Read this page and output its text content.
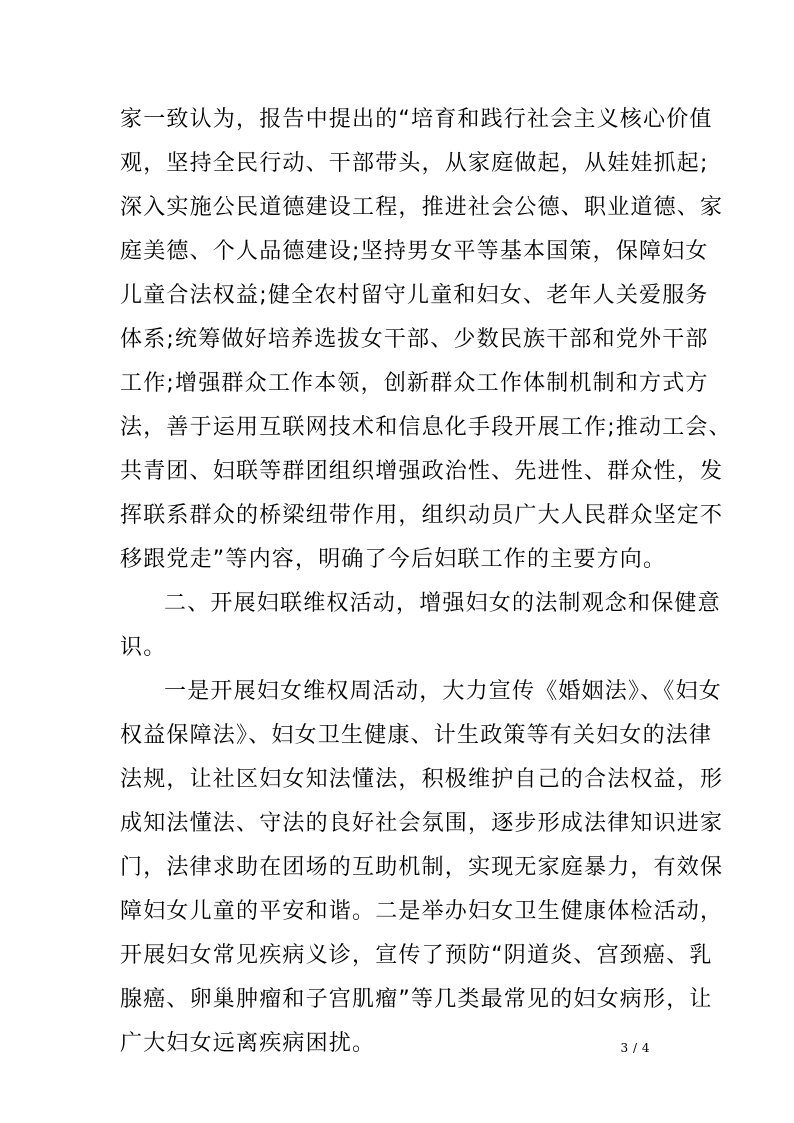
家一致认为，报告中提出的“培育和践行社会主义核心价值
观，坚持全民行动、干部带头，从家庭做起，从娃娃抓起;
深入实施公民道德建设工程，推进社会公德、职业道德、家
庭美德、个人品德建设;坚持男女平等基本国策，保障妇女
儿童合法权益;健全农村留守儿童和妇女、老年人关爱服务
体系;统筹做好培养选拔女干部、少数民族干部和党外干部
工作;增强群众工作本领，创新群众工作体制机制和方式方
法，善于运用互联网技术和信息化手段开展工作;推动工会、
共青团、妇联等群团组织增强政治性、先进性、群众性，发
挥联系群众的桥梁纽带作用，组织动员广大人民群众坚定不
移跟党走”等内容，明确了今后妇联工作的主要方向。
二、开展妇联维权活动，增强妇女的法制观念和保健意
识。
一是开展妇女维权周活动，大力宣传《婚姻法》、《妇女
权益保障法》、妇女卫生健康、计生政策等有关妇女的法律
法规，让社区妇女知法懂法，积极维护自己的合法权益，形
成知法懂法、守法的良好社会氛围，逐步形成法律知识进家
门，法律求助在团场的互助机制，实现无家庭暴力，有效保
障妇女儿童的平安和谐。二是举办妇女卫生健康体检活动，
开展妇女常见疾病义诊，宣传了预防“阴道炎、宫颈癌、乳
腺癌、卵巢肿瘤和子宫肌瘤”等几类最常见的妇女病形，让
广大妇女远离疾病困扰。	3 / 4
